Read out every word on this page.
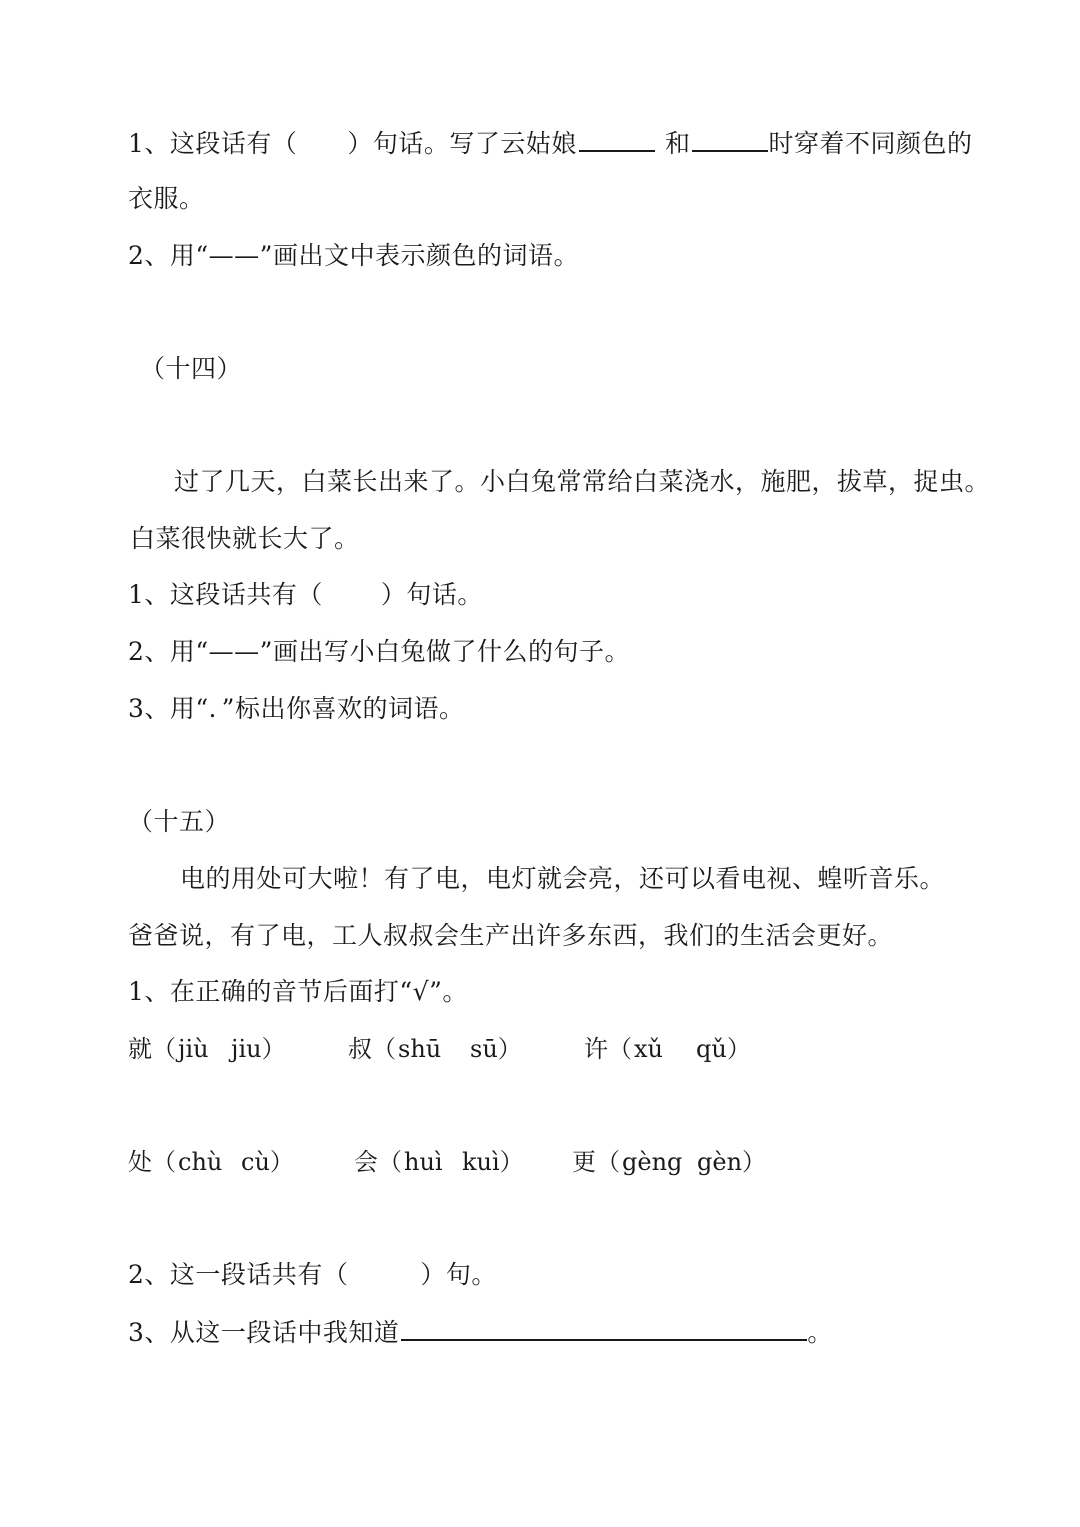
1、这段话有（ ）句话。写了云姑娘	和	时穿着不同颜色的
衣服。
2、用“——”画出文中表示颜色的词语。
（十四）
过了几天，白菜长出来了。小白兔常常给白菜浇水，施肥，拔草，捉虫。
白菜很快就长大了。
1、这段话共有（ ）句话。
2、用“——”画出写小白兔做了什么的句子。
3、用“．”标出你喜欢的词语。
（十五）
电的用处可大啦！有了电，电灯就会亮，还可以看电视、蝗听音乐。
爸爸说，有了电，工人叔叔会生产出许多东西，我们的生活会更好。
1、在正确的音节后面打“√”。
就（ jiù jiu）	叔（ shū sū）	许（ xǔ qǔ）
处（ chù cù）	会（ huì kuì） 更（ gèng gèn）
2、这一段话共有（	）句。
3、从这一段话中我知道	。
